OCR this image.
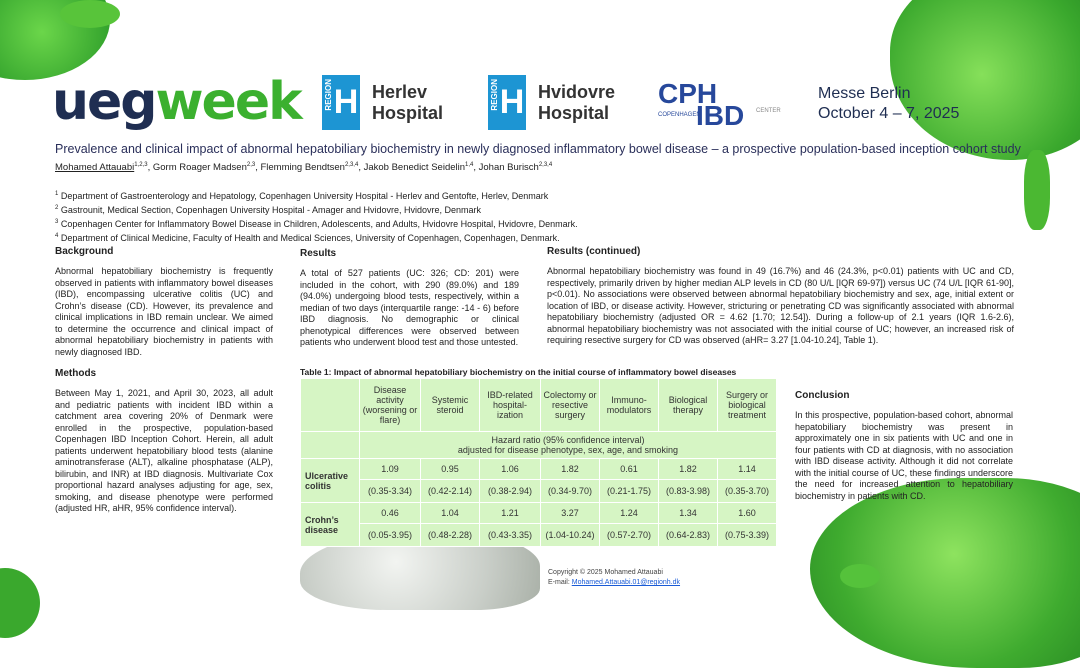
uegweek	REGION H Herlev
Hospital
REGION H Hvidovre
Hospital
CPH
COPENHAGEN
IBD CENTER
Messe Berlin
October 4 – 7, 2025
Prevalence and clinical impact of abnormal hepatobiliary biochemistry in newly diagnosed inflammatory bowel disease – a prospective population-based inception cohort study
Mohamed Attauabi$^{1,2,3}$, Gorm Roager Madsen$^{2,3}$, Flemming Bendtsen$^{2,3,4}$, Jakob Benedict Seidelin$^{1,4}$, Johan Burisch$^{2,3,4}$
$^1$ Department of Gastroenterology and Hepatology, Copenhagen University Hospital - Herlev and Gentofte, Herlev, Denmark
$^2$ Gastrounit, Medical Section, Copenhagen University Hospital - Amager and Hvidovre, Hvidovre, Denmark
$^3$ Copenhagen Center for Inflammatory Bowel Disease in Children, Adolescents, and Adults, Hvidovre Hospital, Hvidovre, Denmark.
$^4$ Department of Clinical Medicine, Faculty of Health and Medical Sciences, University of Copenhagen, Copenhagen, Denmark.
Background

Abnormal hepatobiliary biochemistry is frequently observed in patients with inflammatory bowel diseases (IBD), encompassing ulcerative colitis (UC) and Crohn’s disease (CD). However, its prevalence and clinical implications in IBD remain unclear. We aimed to determine the occurrence and clinical impact of abnormal hepatobiliary biochemistry in patients with newly diagnosed IBD.

Methods

Between May 1, 2021, and April 30, 2023, all adult and pediatric patients with incident IBD within a catchment area covering 20% of Denmark were enrolled in the prospective, population-based Copenhagen IBD Inception Cohort. Herein, all adult patients underwent hepatobiliary blood tests (alanine aminotransferase (ALT), alkaline phosphatase (ALP), bilirubin, and INR) at IBD diagnosis. Multivariate Cox proportional hazard analyses adjusting for age, sex, smoking, and disease phenotype were performed (adjusted HR, aHR, 95% confidence interval).

Results

A total of 527 patients (UC: 326; CD: 201) were included in the cohort, with 290 (89.0%) and 189 (94.0%) undergoing blood tests, respectively, within a median of two days (interquartile range: -14 - 6) before IBD diagnosis. No demographic or clinical phenotypical differences were observed between patients who underwent blood test and those untested.

Results (continued)

Abnormal hepatobiliary biochemistry was found in 49 (16.7%) and 46 (24.3%, p<0.01) patients with UC and CD, respectively, primarily driven by higher median ALP levels in CD (80 U/L [IQR 69-97]) versus UC (74 U/L [IQR 61-90], p<0.01). No associations were observed between abnormal hepatobiliary biochemistry and sex, age, initial extent or location of IBD, or disease activity. However, stricturing or penetrating CD was significantly associated with abnormal hepatobiliary biochemistry (adjusted OR = 4.62 [1.70; 12.54]). During a follow-up of 2.1 years (IQR 1.6-2.6), abnormal hepatobiliary biochemistry was not associated with the initial course of UC; however, an increased risk of requiring resective surgery for CD was observed (aHR= 3.27 [1.04-10.24], Table 1).

Table 1: Impact of abnormal hepatobiliary biochemistry on the initial course of inflammatory bowel diseases
	Disease activity (worsening or flare)	Systemic steroid	IBD-related hospital-ization	Colectomy or resective surgery	Immuno-modulators	Biological therapy	Surgery or biological treatment

	Hazard ratio (95% confidence interval)
adjusted for disease phenotype, sex, age, and smoking						

Ulcerative colitis	1.09	0.95	1.06	1.82	0.61	1.82	1.14
	(0.35-3.34)	(0.42-2.14)	(0.38-2.94)	(0.34-9.70)	(0.21-1.75)	(0.83-3.98)	(0.35-3.70)
Crohn’s disease	0.46	1.04	1.21	3.27	1.24	1.34	1.60
	(0.05-3.95)	(0.48-2.28)	(0.43-3.35)	(1.04-10.24)	(0.57-2.70)	(0.64-2.83)	(0.75-3.39)
Conclusion

In this prospective, population-based cohort, abnormal hepatobiliary biochemistry was present in approximately one in six patients with UC and one in four patients with CD at diagnosis, with no association with IBD disease activity. Although it did not correlate with the initial course of UC, these findings underscore the need for increased attention to hepatobiliary biochemistry in patients with CD.

Copyright © 2025 Mohamed Attauabi
E-mail: Mohamed.Attauabi.01@regionh.dk
